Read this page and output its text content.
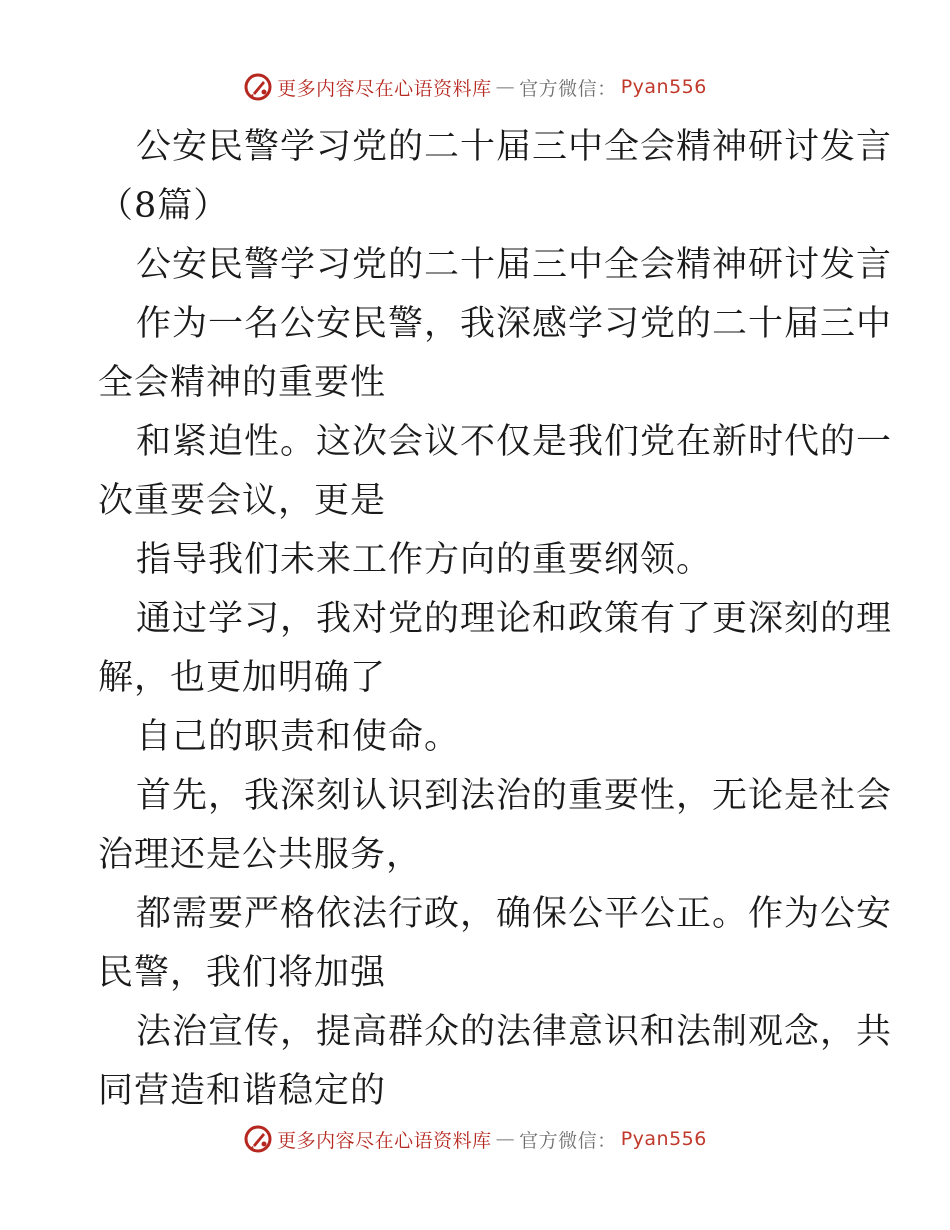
更多内容尽在心语资料库 — 官方微信： Pyan556
公安民警学习党的二十届三中全会精神研讨发言
（8篇）
公安民警学习党的二十届三中全会精神研讨发言
作为一名公安民警，我深感学习党的二十届三中
全会精神的重要性
和紧迫性。这次会议不仅是我们党在新时代的一
次重要会议，更是
指导我们未来工作方向的重要纲领。
通过学习，我对党的理论和政策有了更深刻的理
解，也更加明确了
自己的职责和使命。
首先，我深刻认识到法治的重要性，无论是社会
治理还是公共服务，
都需要严格依法行政，确保公平公正。作为公安
民警，我们将加强
法治宣传，提高群众的法律意识和法制观念，共
同营造和谐稳定的
更多内容尽在心语资料库 — 官方微信： Pyan556
